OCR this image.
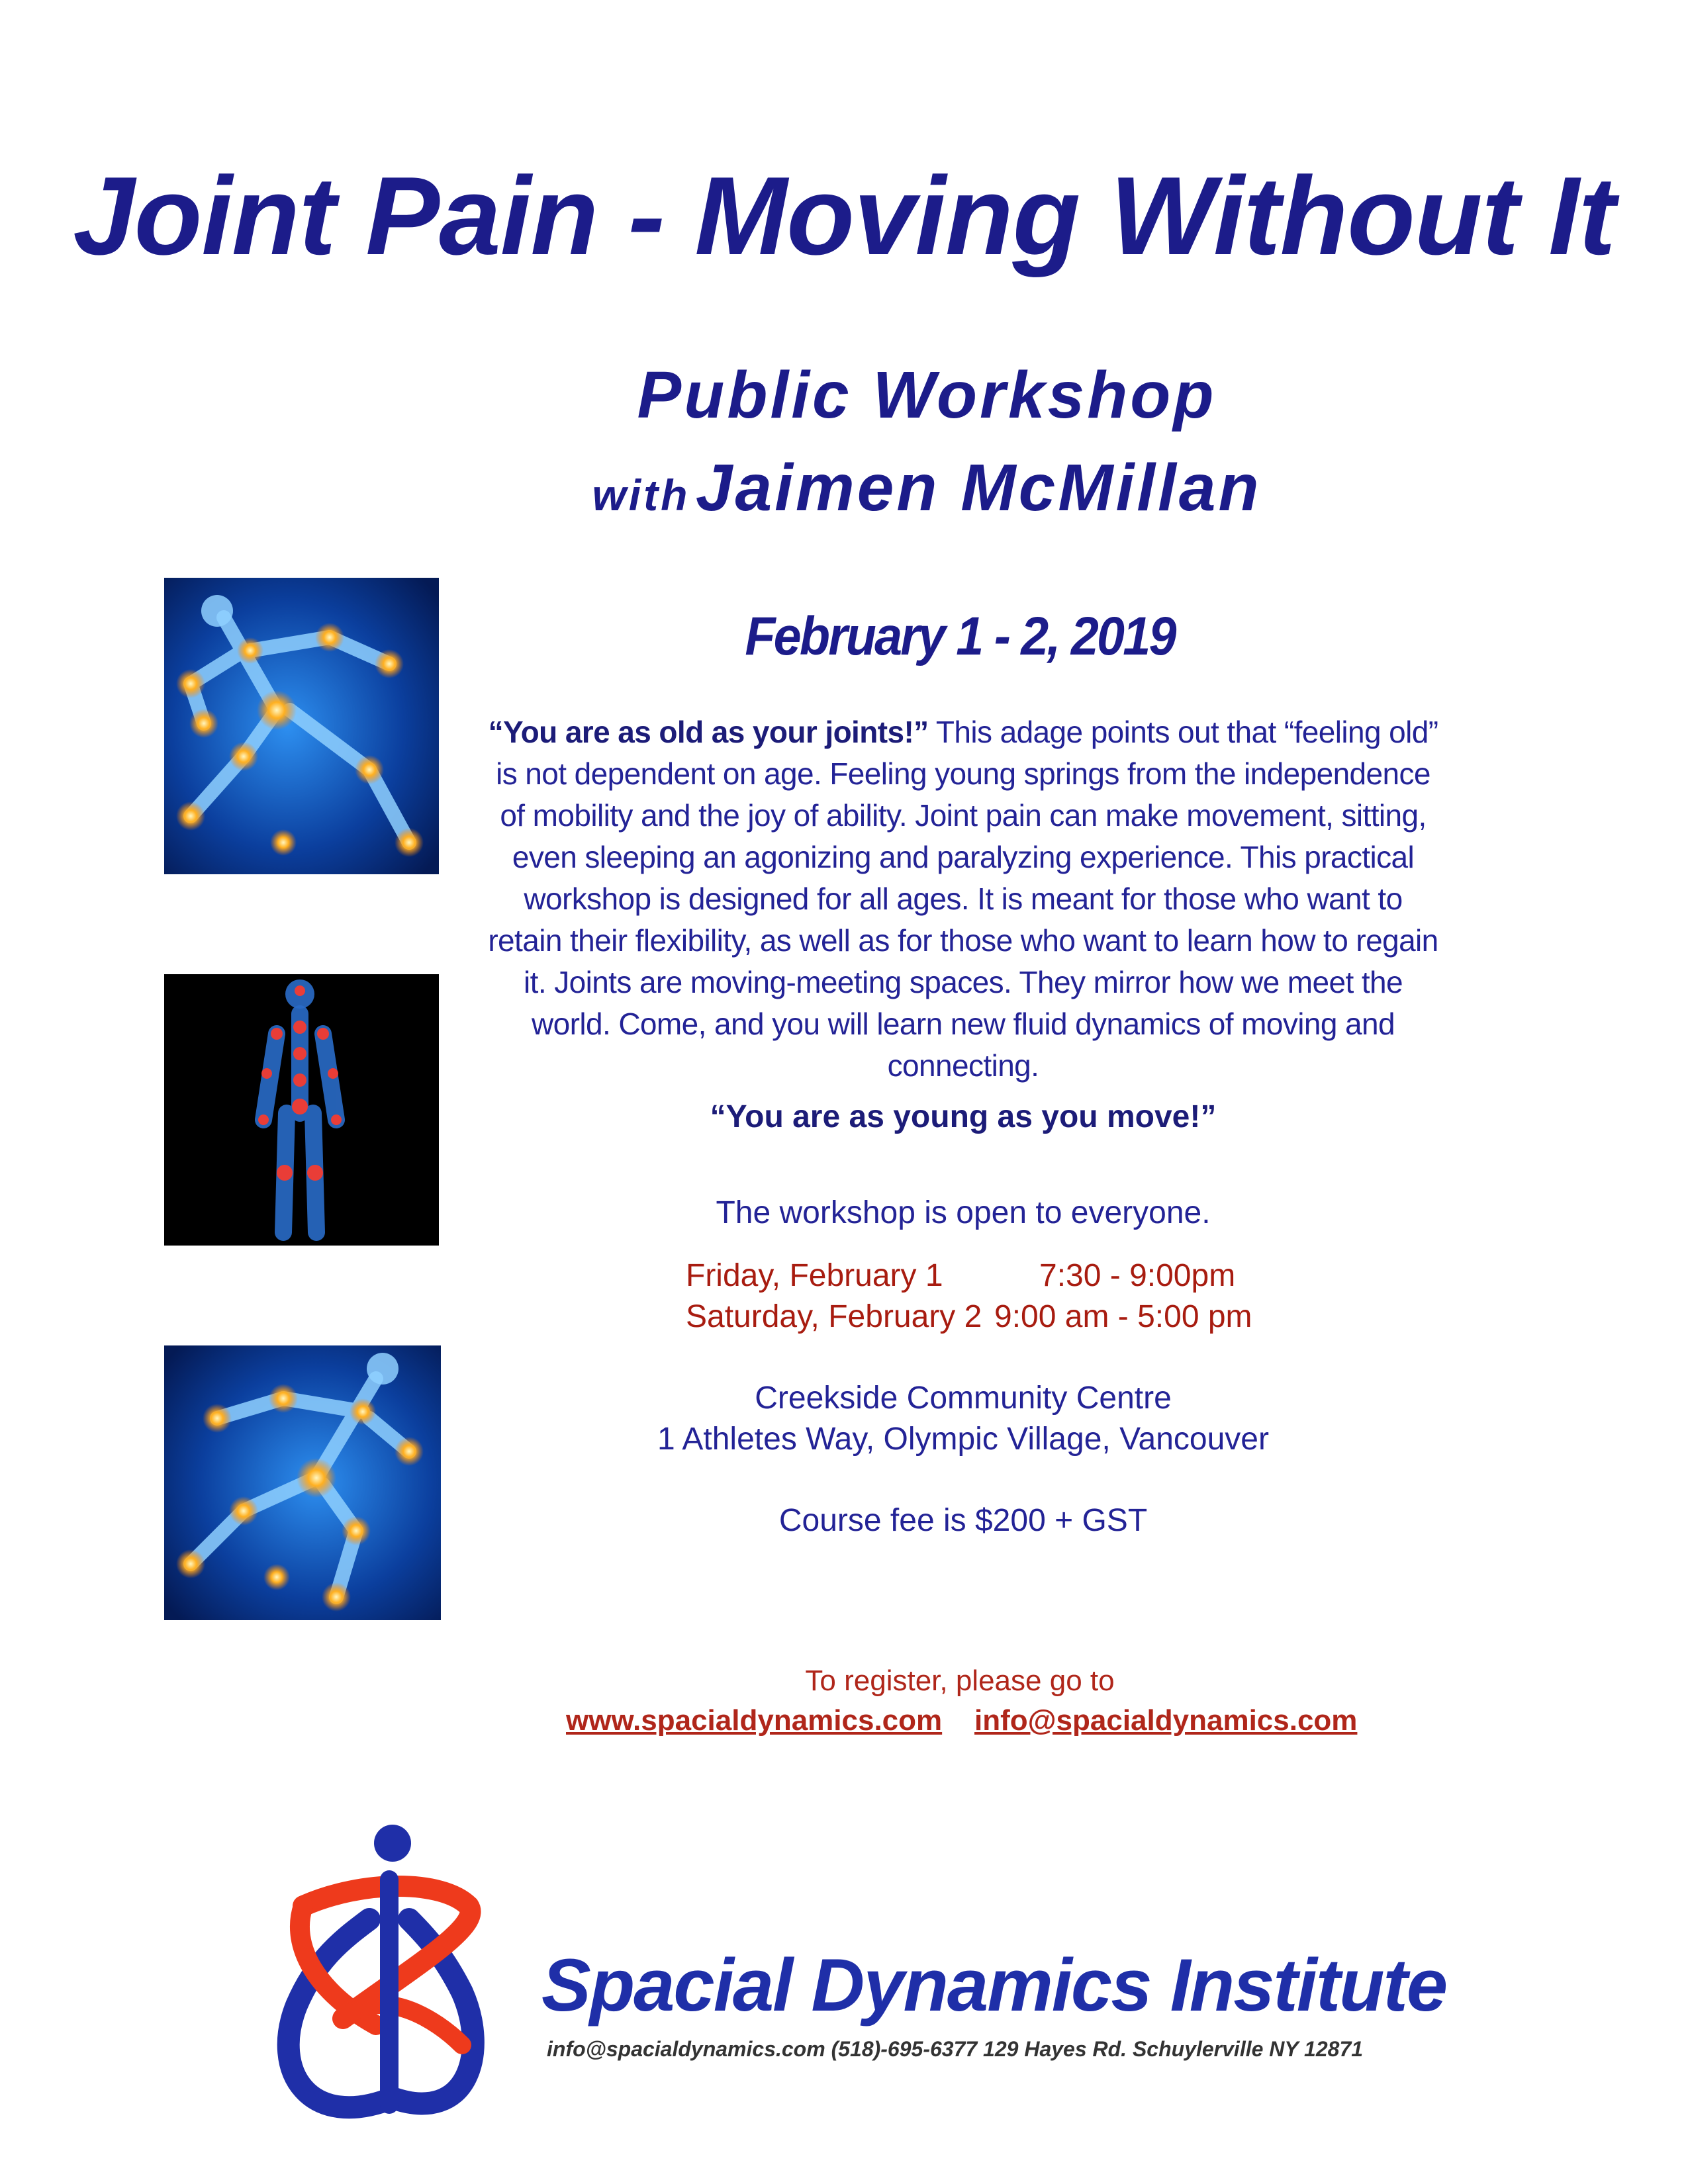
Joint Pain - Moving Without It
Public Workshop
with Jaimen McMillan
February 1 - 2, 2019
“You are as old as your joints!” This adage points out that “feeling old” is not dependent on age. Feeling young springs from the independence of mobility and the joy of ability. Joint pain can make movement, sitting, even sleeping an agonizing and paralyzing experience. This practical workshop is designed for all ages. It is meant for those who want to retain their flexibility, as well as for those who want to learn how to regain it. Joints are moving-meeting spaces. They mirror how we meet the world. Come, and you will learn new fluid dynamics of moving and connecting.
“You are as young as you move!”
The workshop is open to everyone.
Friday, February 1	7:30 - 9:00pm
Saturday, February 2 9:00 am - 5:00 pm
Creekside Community Centre
1 Athletes Way, Olympic Village, Vancouver
Course fee is $200 + GST
To register, please go to
www.spacialdynamics.com info@spacialdynamics.com
Spacial Dynamics Institute
info@spacialdynamics.com (518)-695-6377 129 Hayes Rd. Schuylerville NY 12871
